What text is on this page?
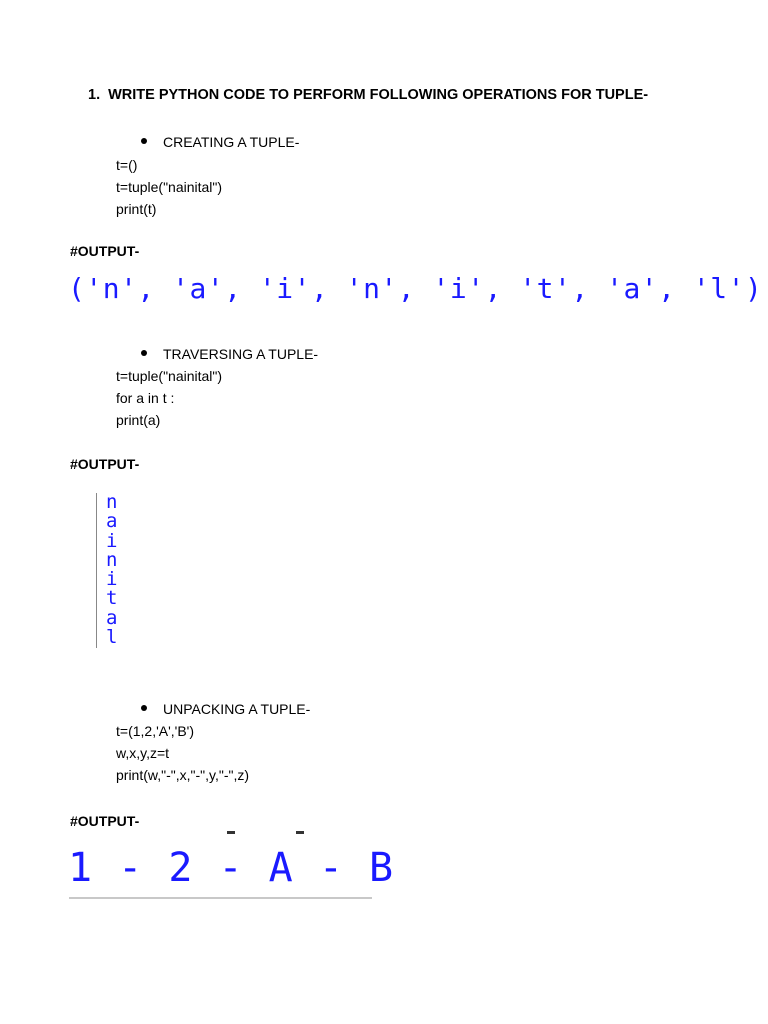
1. WRITE PYTHON CODE TO PERFORM FOLLOWING OPERATIONS FOR TUPLE-
CREATING A TUPLE-
t=()
t=tuple("nainital")
print(t)
#OUTPUT-
('n', 'a', 'i', 'n', 'i', 't', 'a', 'l')
TRAVERSING A TUPLE-
t=tuple("nainital")
for a in t :
print(a)
#OUTPUT-
n
a
i
n
i
t
a
l
UNPACKING A TUPLE-
t=(1,2,'A','B')
w,x,y,z=t
print(w,"-",x,"-",y,"-",z)
#OUTPUT-
1 - 2 - A - B
